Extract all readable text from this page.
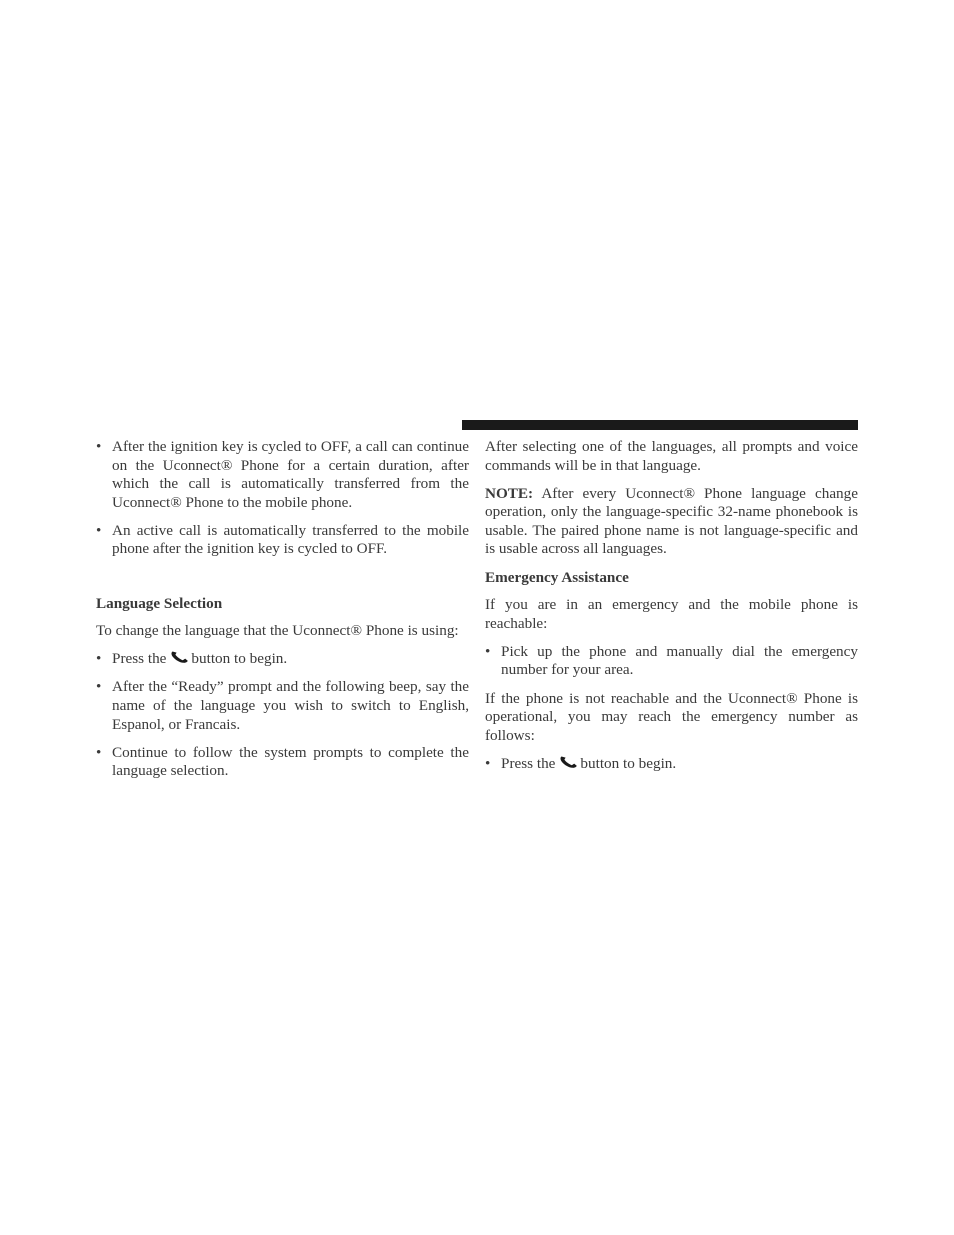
• After the ignition key is cycled to OFF, a call can continue on the Uconnect® Phone for a certain duration, after which the call is automatically transferred from the Uconnect® Phone to the mobile phone.
• An active call is automatically transferred to the mobile phone after the ignition key is cycled to OFF.
Language Selection

To change the language that the Uconnect® Phone is using:

• Press the button to begin.
• After the “Ready” prompt and the following beep, say the name of the language you wish to switch to English, Espanol, or Francais.
• Continue to follow the system prompts to complete the language selection.

After selecting one of the languages, all prompts and voice commands will be in that language.

NOTE: After every Uconnect® Phone language change operation, only the language-specific 32-name phonebook is usable. The paired phone name is not language-specific and is usable across all languages.

Emergency Assistance

If you are in an emergency and the mobile phone is reachable:

• Pick up the phone and manually dial the emergency number for your area.

If the phone is not reachable and the Uconnect® Phone is operational, you may reach the emergency number as follows:

• Press the button to begin.
